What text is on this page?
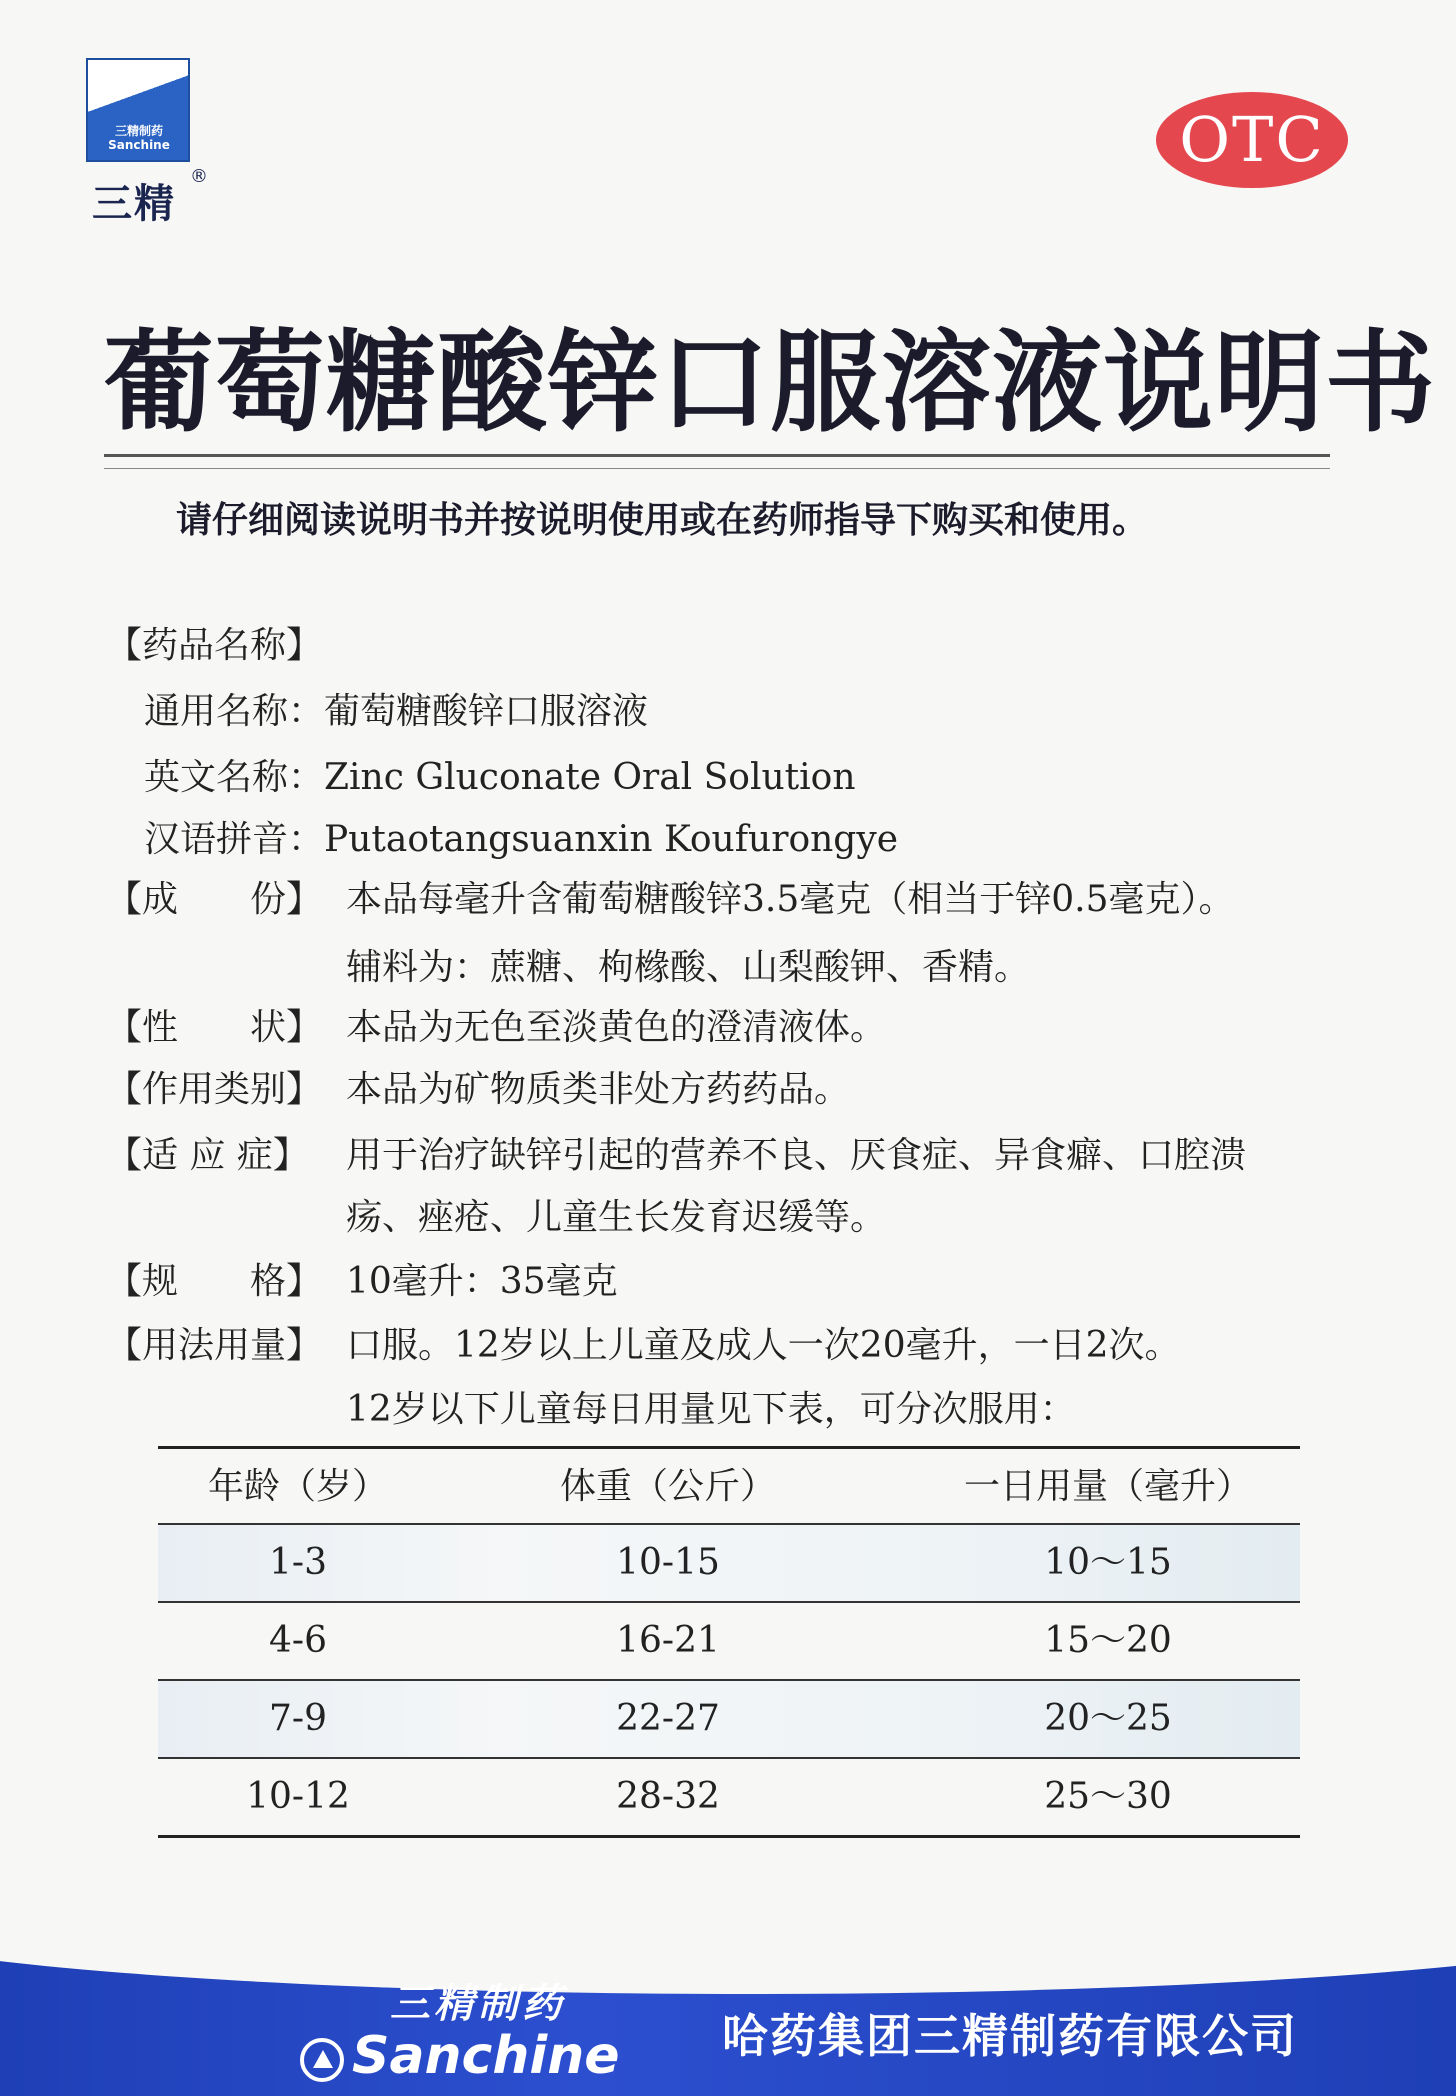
三精制药
Sanchine
三精
®
OTC
葡萄糖酸锌口服溶液说明书
请仔细阅读说明书并按说明使用或在药师指导下购买和使用。
【药品名称】
通用名称：葡萄糖酸锌口服溶液
英文名称：Zinc Gluconate Oral Solution
汉语拼音：Putaotangsuanxin Koufurongye
【成　　份】 本品每毫升含葡萄糖酸锌3.5毫克（相当于锌0.5毫克）。
辅料为：蔗糖、枸橼酸、山梨酸钾、香精。
【性　　状】 本品为无色至淡黄色的澄清液体。
【作用类别】 本品为矿物质类非处方药药品。
【适 应 症】 用于治疗缺锌引起的营养不良、厌食症、异食癖、口腔溃
疡、痤疮、儿童生长发育迟缓等。
【规　　格】 10毫升：35毫克
【用法用量】 口服。12岁以上儿童及成人一次20毫升，一日2次。
12岁以下儿童每日用量见下表，可分次服用：
年龄（岁）	体重（公斤）	一日用量（毫升）
1-3	10-15	10～15
4-6	16-21	15～20
7-9	22-27	20～25
10-12	28-32	25～30
三精制药
Sanchine 哈药集团三精制药有限公司
